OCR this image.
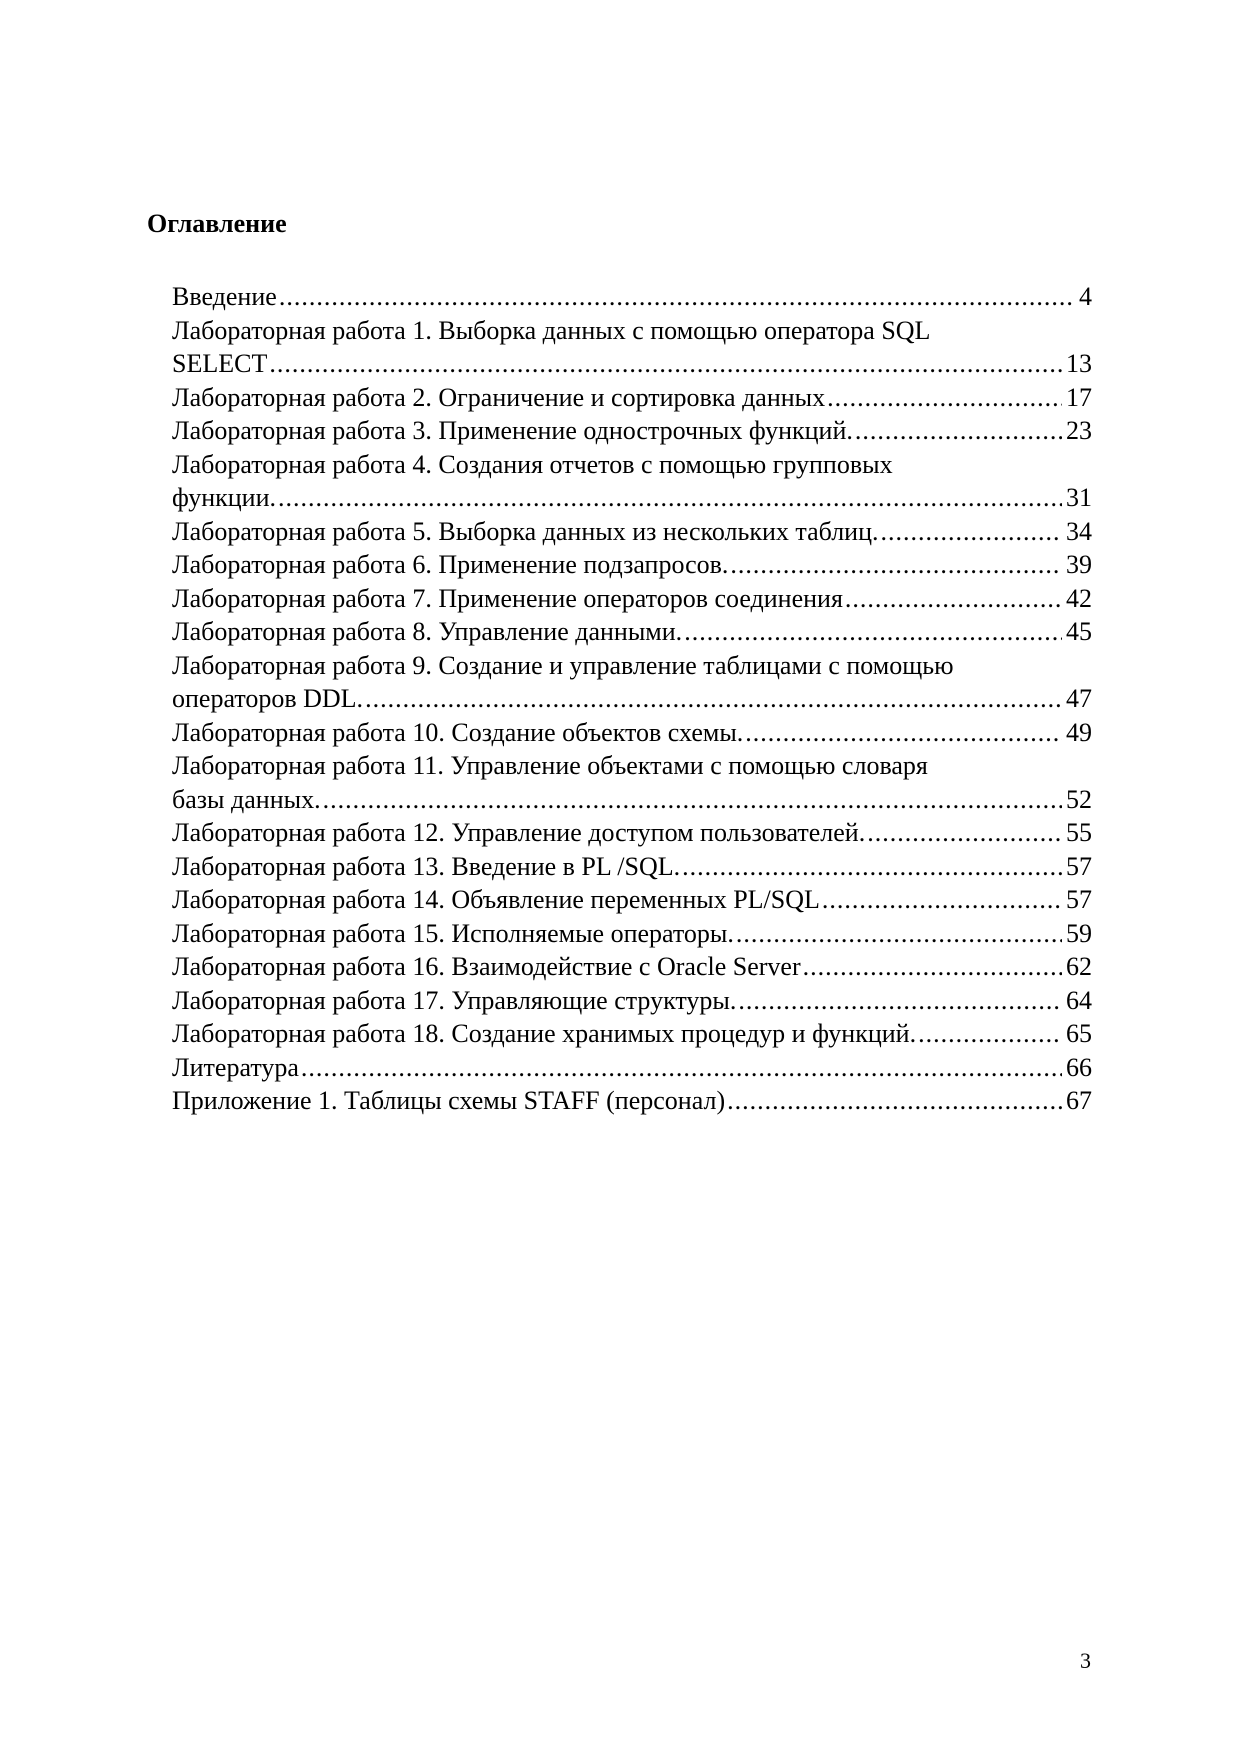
Оглавление
Введение .....	4
Лабораторная работа 1. Выборка данных с помощью оператора SQL
SELECT .....	13
Лабораторная работа 2. Ограничение и сортировка данных .....	17
Лабораторная работа 3. Применение однострочных функций. .....	23
Лабораторная работа 4. Создания отчетов с помощью групповых
функции. .....	31
Лабораторная работа 5. Выборка данных из нескольких таблиц. .....	34
Лабораторная работа 6. Применение подзапросов. .....	39
Лабораторная работа 7. Применение операторов соединения .....	42
Лабораторная работа 8. Управление данными. .....	45
Лабораторная работа 9. Создание и управление таблицами с помощью
операторов DDL. .....	47
Лабораторная работа 10. Создание объектов схемы. .....	49
Лабораторная работа 11. Управление объектами с помощью словаря
базы данных. .....	52
Лабораторная работа 12. Управление доступом пользователей. .....	55
Лабораторная работа 13. Введение в PL /SQL. .....	57
Лабораторная работа 14. Объявление переменных PL/SQL .....	57
Лабораторная работа 15. Исполняемые операторы. .....	59
Лабораторная работа 16. Взаимодействие с Oracle Server .....	62
Лабораторная работа 17. Управляющие структуры. .....	64
Лабораторная работа 18. Создание хранимых процедур и функций. .....	65
Литература .....	66
Приложение 1. Таблицы схемы STAFF (персонал) .....	67
3
